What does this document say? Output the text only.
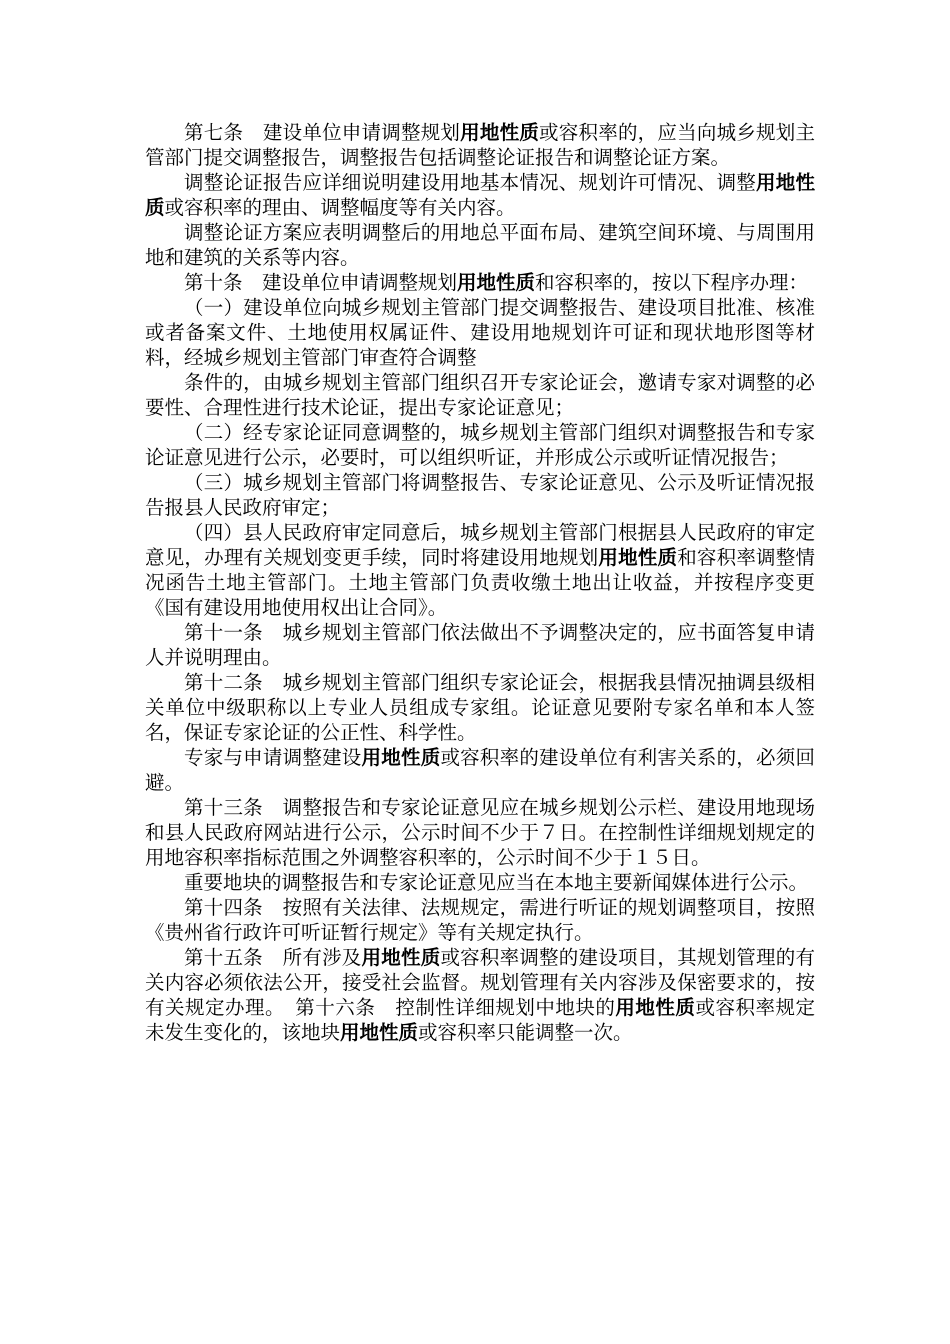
第七条　建设单位申请调整规划用地性质或容积率的，应当向城乡规划主管部门提交调整报告，调整报告包括调整论证报告和调整论证方案。

调整论证报告应详细说明建设用地基本情况、规划许可情况、调整用地性质或容积率的理由、调整幅度等有关内容。

调整论证方案应表明调整后的用地总平面布局、建筑空间环境、与周围用地和建筑的关系等内容。

第十条　建设单位申请调整规划用地性质和容积率的，按以下程序办理：

（一）建设单位向城乡规划主管部门提交调整报告、建设项目批准、核准或者备案文件、土地使用权属证件、建设用地规划许可证和现状地形图等材料，经城乡规划主管部门审查符合调整

条件的，由城乡规划主管部门组织召开专家论证会，邀请专家对调整的必要性、合理性进行技术论证，提出专家论证意见；

（二）经专家论证同意调整的，城乡规划主管部门组织对调整报告和专家论证意见进行公示，必要时，可以组织听证，并形成公示或听证情况报告；

（三）城乡规划主管部门将调整报告、专家论证意见、公示及听证情况报告报县人民政府审定；

（四）县人民政府审定同意后，城乡规划主管部门根据县人民政府的审定意见，办理有关规划变更手续，同时将建设用地规划用地性质和容积率调整情况函告土地主管部门。土地主管部门负责收缴土地出让收益，并按程序变更《国有建设用地使用权出让合同》。

第十一条　城乡规划主管部门依法做出不予调整决定的，应书面答复申请人并说明理由。

第十二条　城乡规划主管部门组织专家论证会，根据我县情况抽调县级相关单位中级职称以上专业人员组成专家组。论证意见要附专家名单和本人签名，保证专家论证的公正性、科学性。

专家与申请调整建设用地性质或容积率的建设单位有利害关系的，必须回避。

第十三条　调整报告和专家论证意见应在城乡规划公示栏、建设用地现场和县人民政府网站进行公示，公示时间不少于７日。在控制性详细规划规定的用地容积率指标范围之外调整容积率的，公示时间不少于１５日。

重要地块的调整报告和专家论证意见应当在本地主要新闻媒体进行公示。

第十四条　按照有关法律、法规规定，需进行听证的规划调整项目，按照《贵州省行政许可听证暂行规定》等有关规定执行。

第十五条　所有涉及用地性质或容积率调整的建设项目，其规划管理的有关内容必须依法公开，接受社会监督。规划管理有关内容涉及保密要求的，按有关规定办理。　第十六条　控制性详细规划中地块的用地性质或容积率规定未发生变化的，该地块用地性质或容积率只能调整一次。
